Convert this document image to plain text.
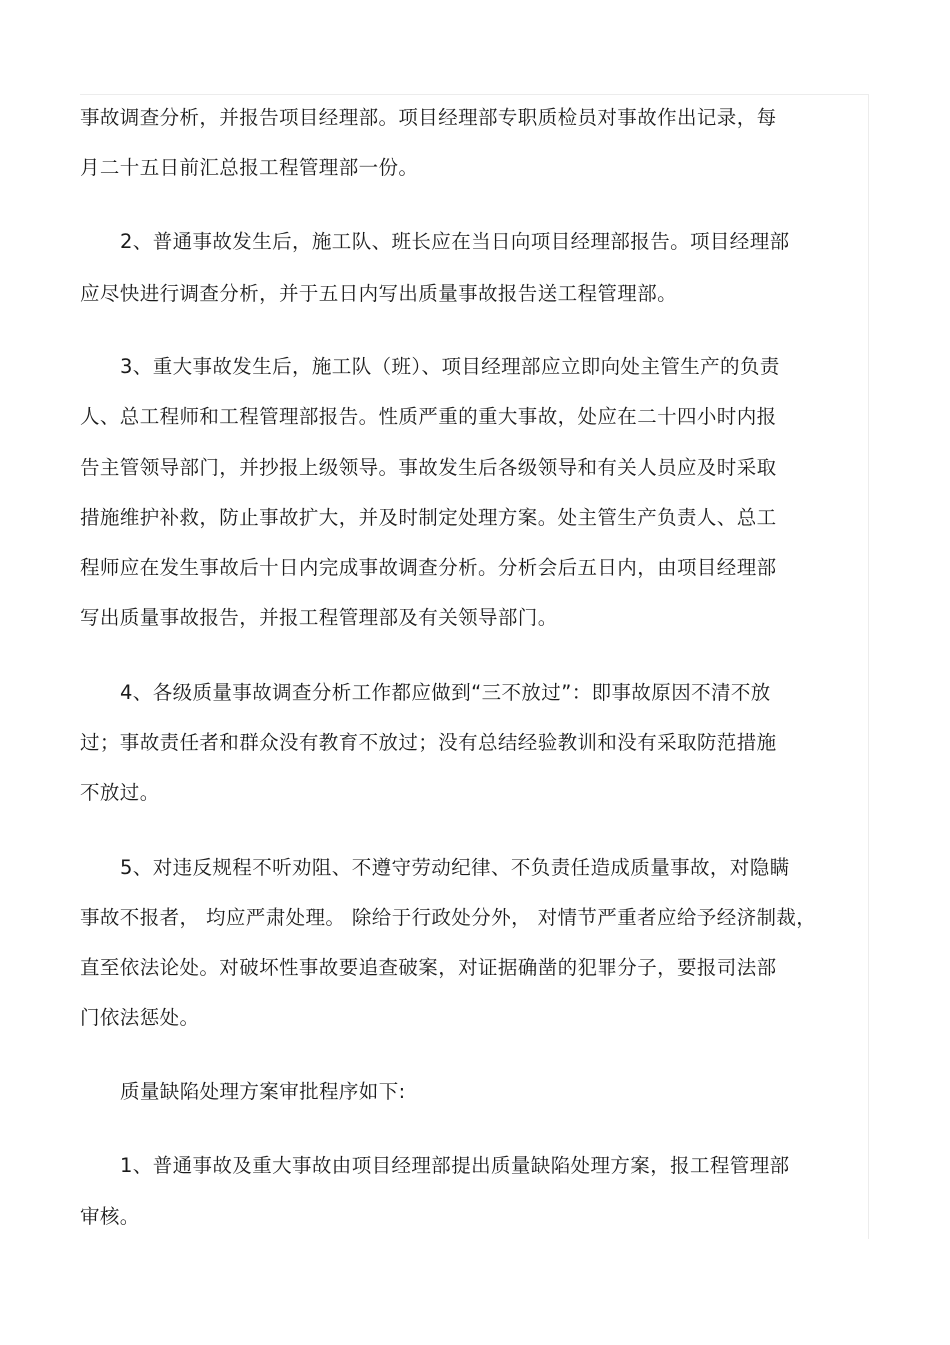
事故调查分析，并报告项目经理部。项目经理部专职质检员对事故作出记录，每
月二十五日前汇总报工程管理部一份。
2、普通事故发生后，施工队、班长应在当日向项目经理部报告。项目经理部
应尽快进行调查分析，并于五日内写出质量事故报告送工程管理部。
3、重大事故发生后，施工队（班）、项目经理部应立即向处主管生产的负责
人、总工程师和工程管理部报告。性质严重的重大事故，处应在二十四小时内报
告主管领导部门，并抄报上级领导。事故发生后各级领导和有关人员应及时采取
措施维护补救，防止事故扩大，并及时制定处理方案。处主管生产负责人、总工
程师应在发生事故后十日内完成事故调查分析。分析会后五日内，由项目经理部
写出质量事故报告，并报工程管理部及有关领导部门。
4、各级质量事故调查分析工作都应做到“三不放过”：即事故原因不清不放
过；事故责任者和群众没有教育不放过；没有总结经验教训和没有采取防范措施
不放过。
5、对违反规程不听劝阻、不遵守劳动纪律、不负责任造成质量事故，对隐瞒
事故不报者， 均应严肃处理。 除给于行政处分外， 对情节严重者应给予经济制裁，
直至依法论处。对破坏性事故要追查破案，对证据确凿的犯罪分子，要报司法部
门依法惩处。
质量缺陷处理方案审批程序如下:
1、普通事故及重大事故由项目经理部提出质量缺陷处理方案，报工程管理部
审核。
